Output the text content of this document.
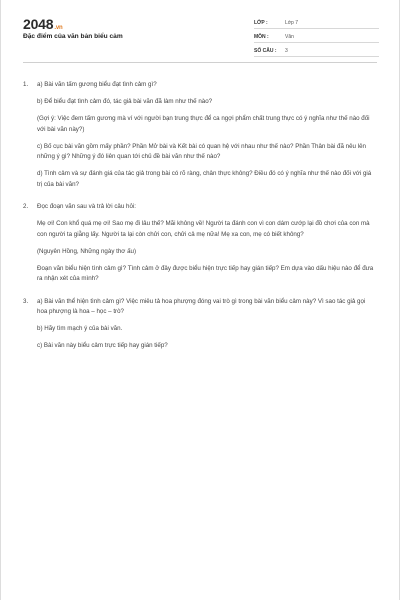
2048.vn
Đặc điểm của văn bản biểu cảm
LỚP :	Lớp 7
MÔN :	Văn
SỐ CÂU :	3
1.	a) Bài văn tấm gương biểu đạt tình cảm gì?

b) Để biểu đạt tình cảm đó, tác giả bài văn đã làm như thế nào?

(Gợi ý: Việc đem tấm gương mà ví với người bạn trung thực để ca ngợi phẩm chất trung thực có ý nghĩa như thế nào đối với bài văn này?)

c) Bố cục bài văn gồm mấy phần? Phần Mở bài và Kết bài có quan hệ với nhau như thế nào? Phần Thân bài đã nêu lên những ý gì? Những ý đó liên quan tới chủ đề bài văn như thế nào?

d) Tình cảm và sự đánh giá của tác giả trong bài có rõ ràng, chân thực không? Điều đó có ý nghĩa như thế nào đối với giá trị của bài văn?

2.	Đọc đoạn văn sau và trả lời câu hỏi:

Mẹ ơi! Con khổ quá mẹ ơi! Sao mẹ đi lâu thế? Mãi không về! Người ta đánh con vì con dám cướp lại đồ chơi của con mà con người ta giằng lấy. Người ta lại còn chửi con, chửi cả mẹ nữa! Mẹ xa con, mẹ có biết không?

(Nguyên Hồng, Những ngày thơ ấu)

Đoạn văn biểu hiện tình cảm gì? Tình cảm ở đây được biểu hiện trực tiếp hay gián tiếp? Em dựa vào dấu hiệu nào để đưa ra nhận xét của mình?

3.	a) Bài văn thể hiện tình cảm gì? Việc miêu tả hoa phượng đóng vai trò gì trong bài văn biểu cảm này? Vì sao tác giả gọi hoa phượng là hoa – học – trò?

b) Hãy tìm mạch ý của bài văn.

c) Bài văn này biểu cảm trực tiếp hay gián tiếp?
